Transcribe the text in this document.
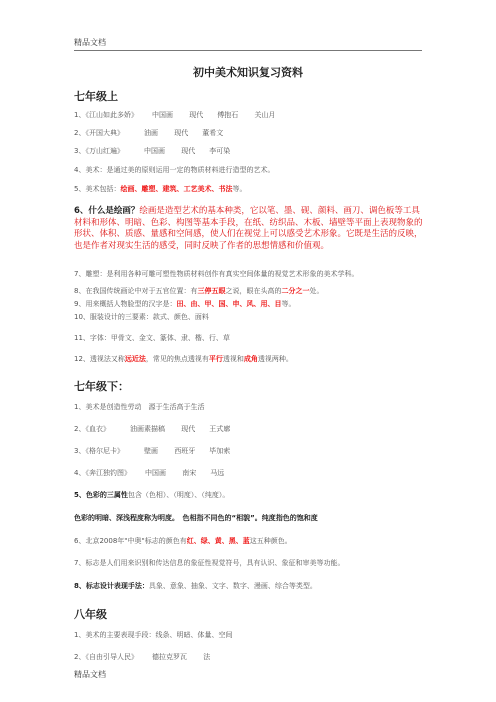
精品文档
初中美术知识复习资料
七年级上
1、《江山如此多娇》 中国画 现代 傅抱石 关山月
2、《开国大典》	油画 现代 董希文
3、《万山红遍》	中国画 现代 李可染
4、美术：是通过美的原则运用一定的物质材料进行造型的艺术。
5、美术包括：绘画、雕塑、建筑、工艺美术、书法等。
6、什么是绘画？绘画是造型艺术的基本种类，它以笔、墨、砚、颜料、画刀、调色板等工具材料和形体、明暗、色彩、构图等基本手段，在纸、纺织品、木板、墙壁等平面上表现物象的形状、体积、质感、量感和空间感，使人们在视觉上可以感受艺术形象。它既是生活的反映，也是作者对现实生活的感受，同时反映了作者的思想情感和价值观。
7、雕塑：是利用各种可雕可塑性物质材料创作有真实空间体量的视觉艺术形象的美术学科。
8、在我国传统画论中对于五官位置：有三停五眼之说，眼在头高的二分之一处。
9、用来概括人物脸型的汉字是：田、由、甲、国、申、风、用、目等。
10、服装设计的三要素：款式、颜色、面料
11、字体：甲骨文、金文、篆体、隶、楷、行、草
12、透视法又称远近法，常见的焦点透视有平行透视和成角透视两种。
七年级下：
1、美术是创造性劳动　源于生活高于生活
2、《血衣》	油画素描稿 现代 王式廓
3、《格尔尼卡》	壁画 西班牙 毕加索
4、《奔江独钓图》 中国画 南宋 马远
5、色彩的三属性包含（色相）、（明度）、（纯度）。
色彩的明暗、深浅程度称为明度。　色相指不同色的“相貌”。纯度指色的饱和度
6、北京2008年"中奥"标志的颜色有红、绿、黄、黑、蓝这五种颜色。
7、标志是人们用来识别和传达信息的象征性视觉符号，具有认识、象征和审美等功能。
8、标志设计表现手法：具象、意象、抽象、文字、数字、漫画、综合等类型。
八年级
1、美术的主要表现手段：线条、明暗、体量、空间
2、《自由引导人民》 德拉克罗瓦 法
精品文档
